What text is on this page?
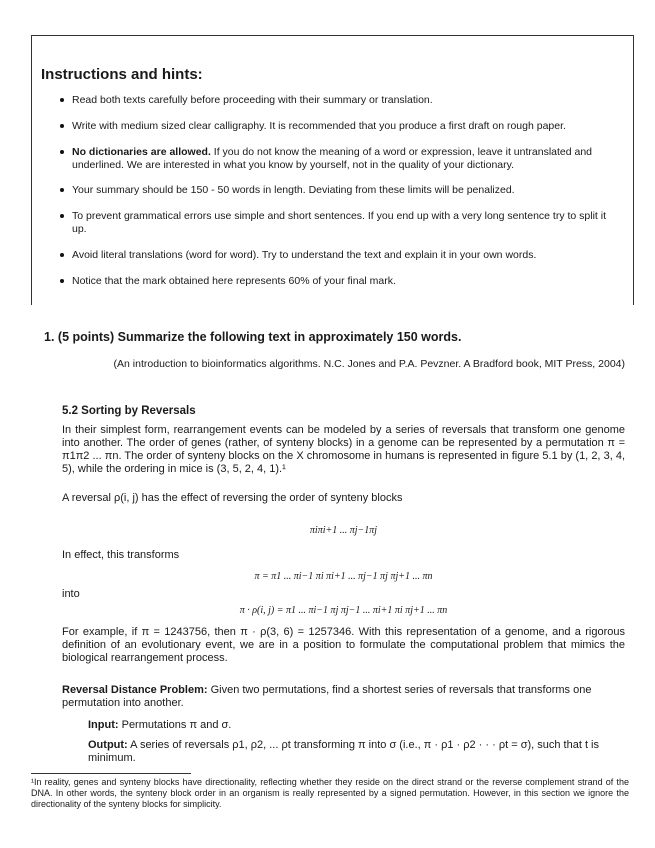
Instructions and hints:
Read both texts carefully before proceeding with their summary or translation.
Write with medium sized clear calligraphy. It is recommended that you produce a first draft on rough paper.
No dictionaries are allowed. If you do not know the meaning of a word or expression, leave it untranslated and underlined. We are interested in what you know by yourself, not in the quality of your dictionary.
Your summary should be 150 - 50 words in length. Deviating from these limits will be penalized.
To prevent grammatical errors use simple and short sentences. If you end up with a very long sentence try to split it up.
Avoid literal translations (word for word). Try to understand the text and explain it in your own words.
Notice that the mark obtained here represents 60% of your final mark.
1. (5 points) Summarize the following text in approximately 150 words.
(An introduction to bioinformatics algorithms. N.C. Jones and P.A. Pevzner. A Bradford book, MIT Press, 2004)
5.2 Sorting by Reversals
In their simplest form, rearrangement events can be modeled by a series of reversals that transform one genome into another. The order of genes (rather, of synteny blocks) in a genome can be represented by a permutation π = π1π2 ... πn. The order of synteny blocks on the X chromosome in humans is represented in figure 5.1 by (1, 2, 3, 4, 5), while the ordering in mice is (3, 5, 2, 4, 1).¹
A reversal ρ(i, j) has the effect of reversing the order of synteny blocks
πiπi+1 ... πj−1πj
In effect, this transforms
π = π1 ... πi−1 πi πi+1 ... πj−1 πj πj+1 ... πn
into
π · ρ(i, j) = π1 ... πi−1 πj πj−1 ... πi+1 πi πj+1 ... πn
For example, if π = 1243756, then π · ρ(3, 6) = 1257346. With this representation of a genome, and a rigorous definition of an evolutionary event, we are in a position to formulate the computational problem that mimics the biological rearrangement process.
Reversal Distance Problem: Given two permutations, find a shortest series of reversals that transforms one permutation into another.
Input: Permutations π and σ.
Output: A series of reversals ρ1, ρ2, ... ρt transforming π into σ (i.e., π · ρ1 · ρ2 · · · ρt = σ), such that t is minimum.
¹In reality, genes and synteny blocks have directionality, reflecting whether they reside on the direct strand or the reverse complement strand of the DNA. In other words, the synteny block order in an organism is really represented by a signed permutation. However, in this section we ignore the directionality of the synteny blocks for simplicity.
